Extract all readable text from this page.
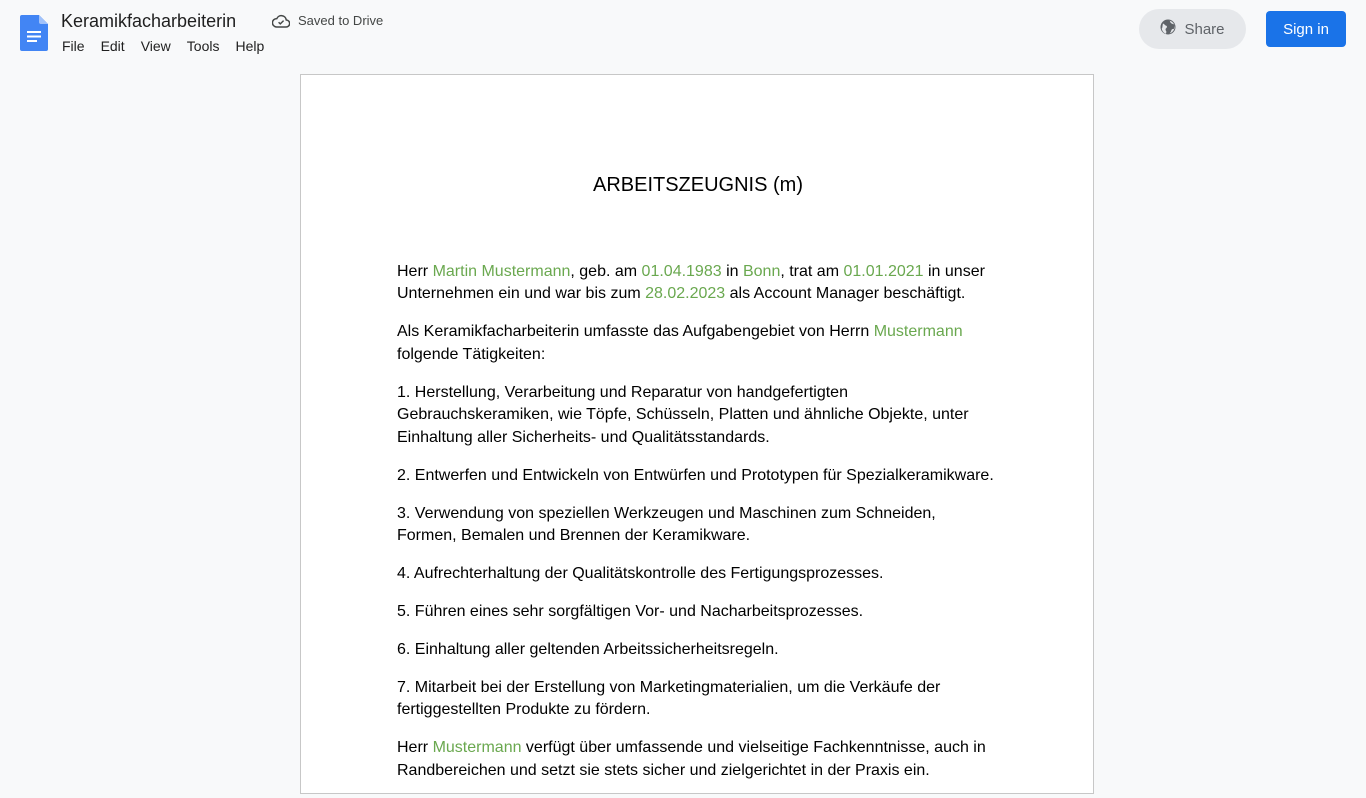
Keramikfacharbeiterin	Saved to Drive
File	Edit	View	Tools	Help
Share	Sign in
ARBEITSZEUGNIS (m)

Herr Martin Mustermann, geb. am 01.04.1983 in Bonn, trat am 01.01.2021 in unser Unternehmen ein und war bis zum 28.02.2023 als Account Manager beschäftigt.

Als Keramikfacharbeiterin umfasste das Aufgabengebiet von Herrn Mustermann folgende Tätigkeiten:

1. Herstellung, Verarbeitung und Reparatur von handgefertigten Gebrauchskeramiken, wie Töpfe, Schüsseln, Platten und ähnliche Objekte, unter Einhaltung aller Sicherheits- und Qualitätsstandards.

2. Entwerfen und Entwickeln von Entwürfen und Prototypen für Spezialkeramikware.

3. Verwendung von speziellen Werkzeugen und Maschinen zum Schneiden, Formen, Bemalen und Brennen der Keramikware.

4. Aufrechterhaltung der Qualitätskontrolle des Fertigungsprozesses.

5. Führen eines sehr sorgfältigen Vor- und Nacharbeitsprozesses.

6. Einhaltung aller geltenden Arbeitssicherheitsregeln.

7. Mitarbeit bei der Erstellung von Marketingmaterialien, um die Verkäufe der fertiggestellten Produkte zu fördern.

Herr Mustermann verfügt über umfassende und vielseitige Fachkenntnisse, auch in Randbereichen und setzt sie stets sicher und zielgerichtet in der Praxis ein.
